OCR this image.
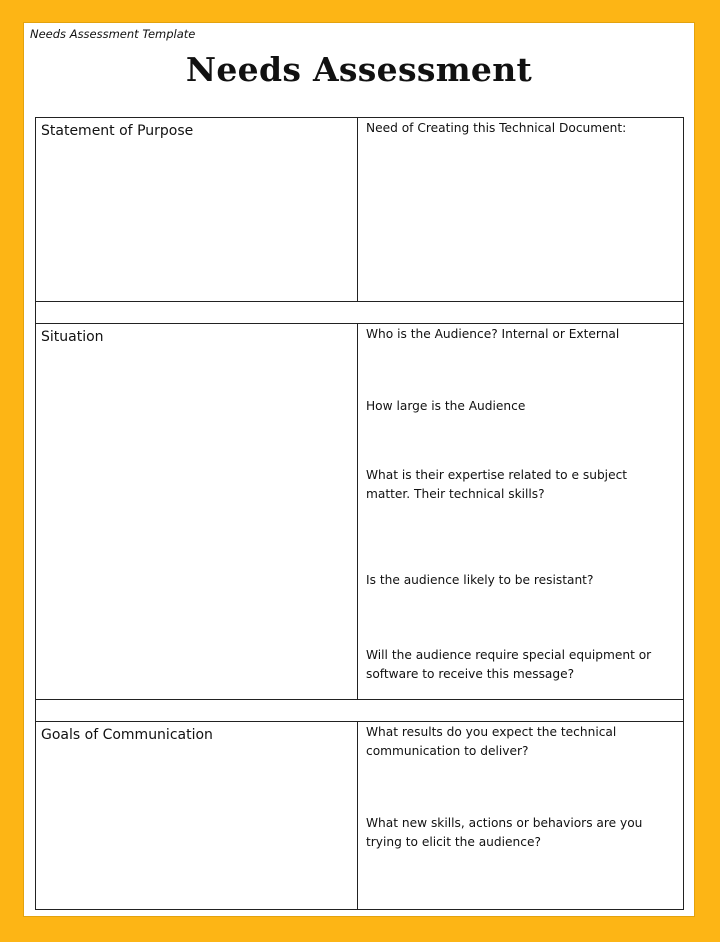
Needs Assessment Template
Needs Assessment
Statement of Purpose	Need of Creating this Technical Document:

Situation	Who is the Audience? Internal or External
How large is the Audience
What is their expertise related to e subject matter. Their technical skills?
Is the audience likely to be resistant?
Will the audience require special equipment or software to receive this message?

Goals of Communication	What results do you expect the technical communication to deliver?
What new skills, actions or behaviors are you trying to elicit the audience?
